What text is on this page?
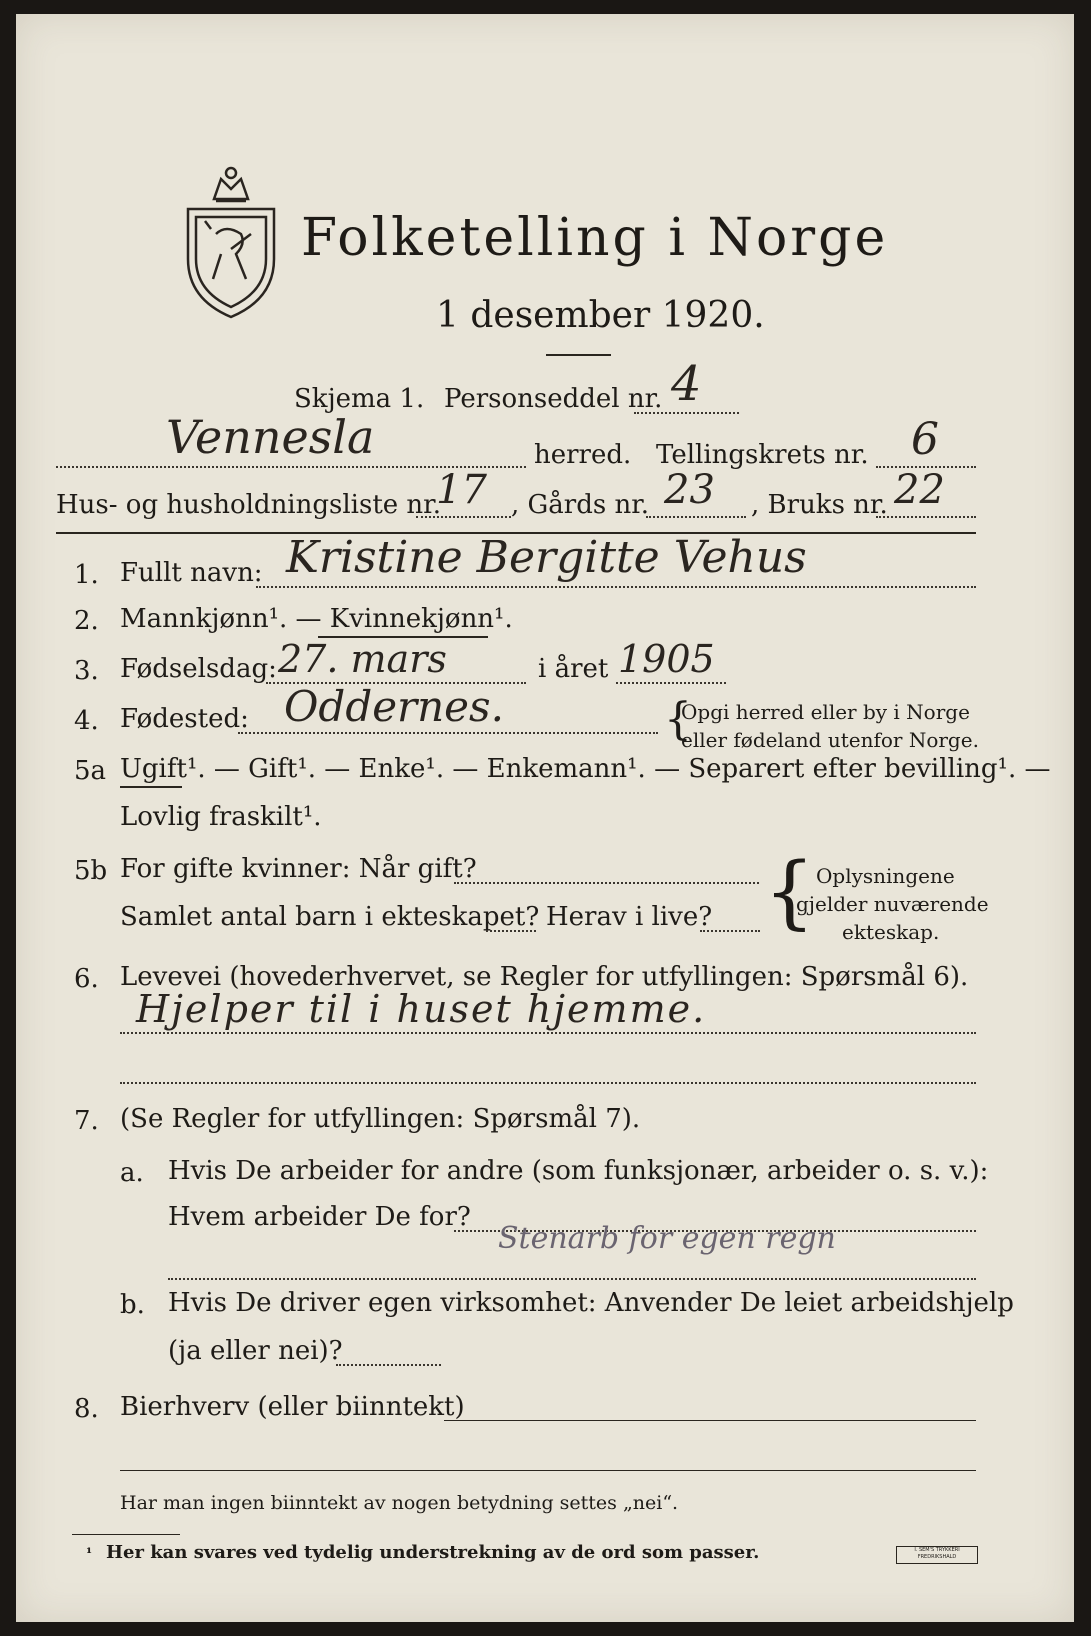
Folketelling i Norge
1 desember 1920.
Skjema 1. Personseddel nr. 4
Vennesla	herred. Tellingskrets nr. 6
Hus- og husholdningsliste nr.
17 , Gårds nr. 23 , Bruks nr. 22
1. Fullt navn: Kristine Bergitte Vehus
2. Mannkjønn¹. — Kvinnekjønn¹.
3. Fødselsdag: 27. mars	i året 1905
4. Fødested: Oddernes.	{
Opgi herred eller by i Norge
eller fødeland utenfor Norge.
5a Ugift¹. — Gift¹. — Enke¹. — Enkemann¹. — Separert efter bevilling¹. —
Lovlig fraskilt¹.
5b For gifte kvinner: Når gift?
Samlet antal barn i ekteskapet? Herav i live? { Oplysningene
gjelder nuværende
ekteskap.
6. Levevei (hovederhvervet, se Regler for utfyllingen: Spørsmål 6).
Hjelper til i huset hjemme.
7. (Se Regler for utfyllingen: Spørsmål 7).
a. Hvis De arbeider for andre (som funksjonær, arbeider o. s. v.):
Hvem arbeider De for?
Stenarb for egen regn
b. Hvis De driver egen virksomhet: Anvender De leiet arbeidshjelp
(ja eller nei)?
8. Bierhverv (eller biinntekt)
Har man ingen biinntekt av nogen betydning settes „nei“.
¹ Her kan svares ved tydelig understrekning av de ord som passer.	I. SEM'S TRYKKERI FREDRIKSHALD
